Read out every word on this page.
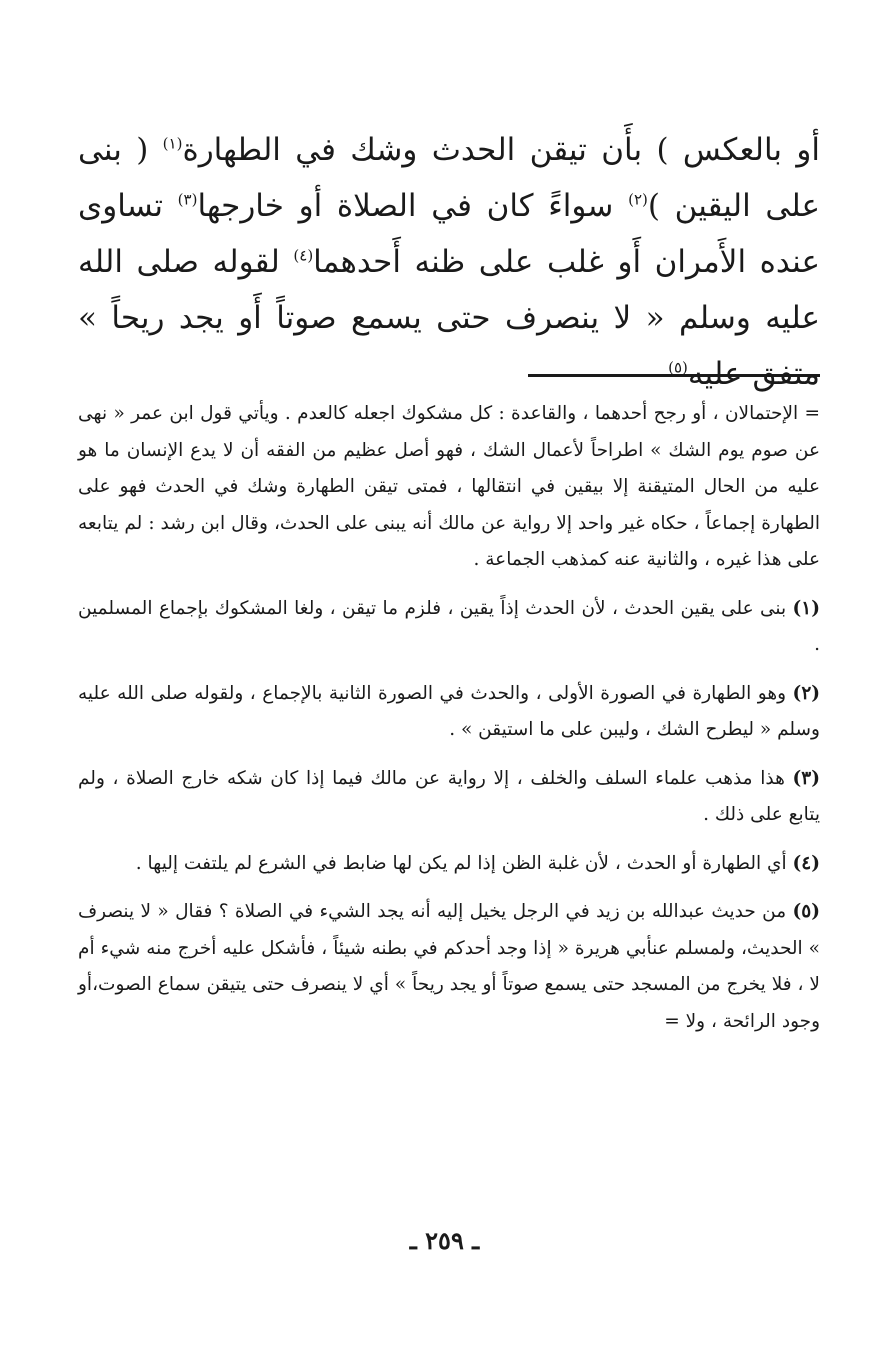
أو بالعكس ) بأَن تيقن الحدث وشك في الطهارة$^{(١)}$ ( بنى على اليقين )$^{(٢)}$ سواءً كان في الصلاة أو خارجها$^{(٣)}$ تساوى عنده الأَمران أَو غلب على ظنه أَحدهما$^{(٤)}$ لقوله صلى الله عليه وسلم « لا ينصرف حتى يسمع صوتاً أَو يجد ريحاً » متفق عليه$^{(٥)}$

= الإحتمالان ، أو رجح أحدهما ، والقاعدة : كل مشكوك اجعله كالعدم . ويأتي قول ابن عمر « نهى عن صوم يوم الشك » اطراحاً لأعمال الشك ، فهو أصل عظيم من الفقه أن لا يدع الإنسان ما هو عليه من الحال المتيقنة إلا بيقين في انتقالها ، فمتى تيقن الطهارة وشك في الحدث فهو على الطهارة إجماعاً ، حكاه غير واحد إلا رواية عن مالك أنه يبنى على الحدث، وقال ابن رشد : لم يتابعه على هذا غيره ، والثانية عنه كمذهب الجماعة .

(١) بنى على يقين الحدث ، لأن الحدث إذاً يقين ، فلزم ما تيقن ، ولغا المشكوك بإجماع المسلمين .

(٢) وهو الطهارة في الصورة الأولى ، والحدث في الصورة الثانية بالإجماع ، ولقوله صلى الله عليه وسلم « ليطرح الشك ، وليبن على ما استيقن » .

(٣) هذا مذهب علماء السلف والخلف ، إلا رواية عن مالك فيما إذا كان شكه خارج الصلاة ، ولم يتابع على ذلك .

(٤) أي الطهارة أو الحدث ، لأن غلبة الظن إذا لم يكن لها ضابط في الشرع لم يلتفت إليها .

(٥) من حديث عبدالله بن زيد في الرجل يخيل إليه أنه يجد الشيء في الصلاة ؟ فقال « لا ينصرف » الحديث، ولمسلم عنأبي هريرة « إذا وجد أحدكم في بطنه شيئاً ، فأشكل عليه أخرج منه شيء أم لا ، فلا يخرج من المسجد حتى يسمع صوتاً أو يجد ريحاً » أي لا ينصرف حتى يتيقن سماع الصوت،أو وجود الرائحة ، ولا =

ـ ٢٥٩ ـ
